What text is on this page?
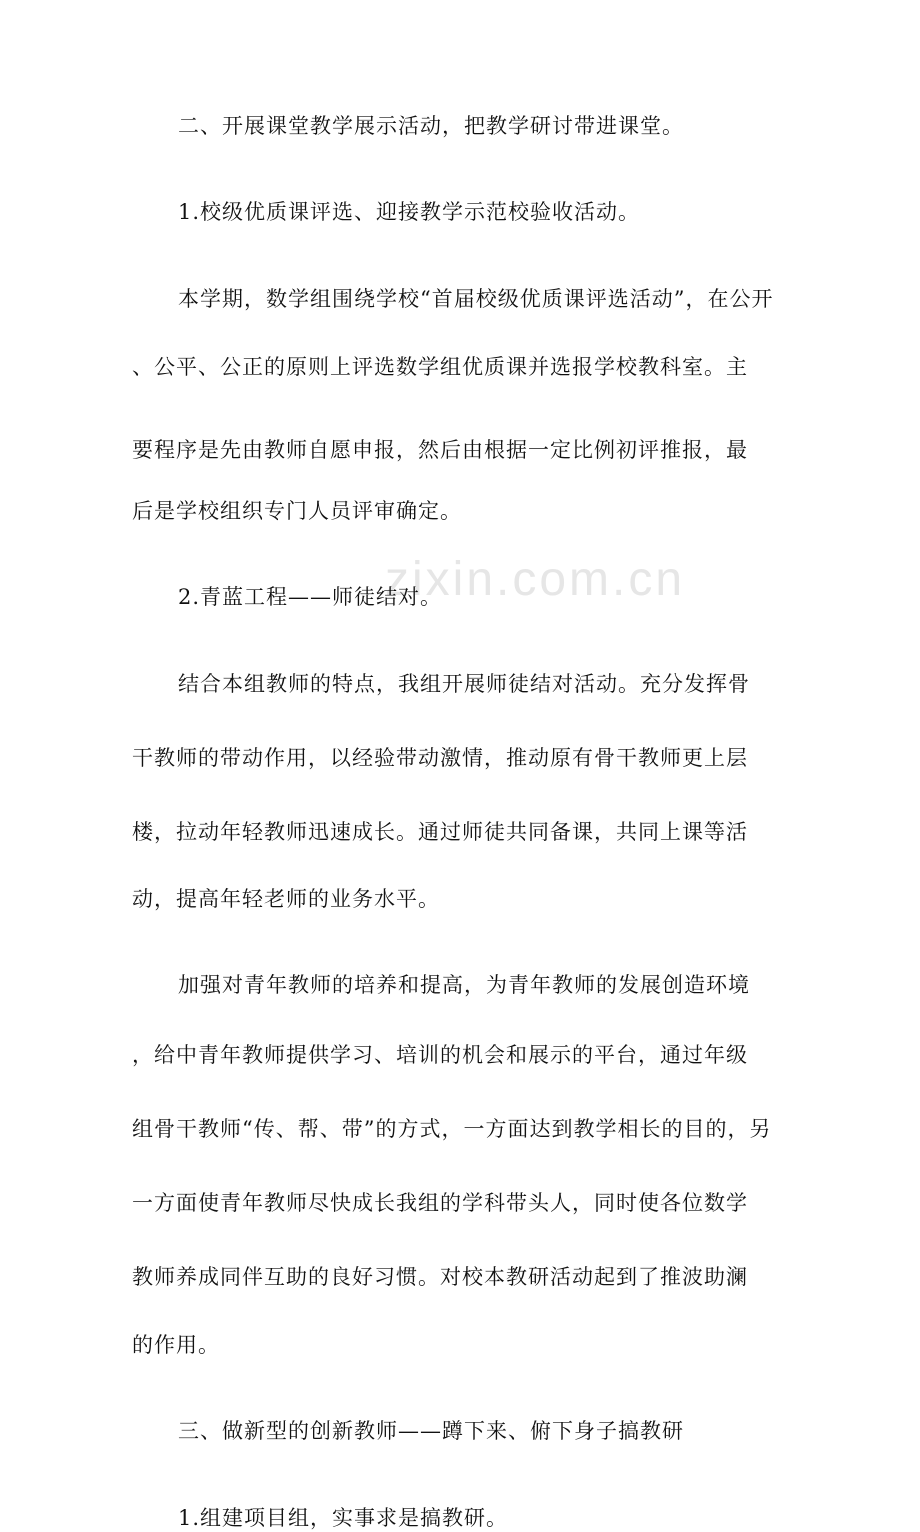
zixin.com.cn
二、开展课堂教学展示活动，把教学研讨带进课堂。
1.校级优质课评选、迎接教学示范校验收活动。
本学期，数学组围绕学校“首届校级优质课评选活动”，在公开
、公平、公正的原则上评选数学组优质课并选报学校教科室。主
要程序是先由教师自愿申报，然后由根据一定比例初评推报，最
后是学校组织专门人员评审确定。
2.青蓝工程——师徒结对。
结合本组教师的特点，我组开展师徒结对活动。充分发挥骨
干教师的带动作用，以经验带动激情，推动原有骨干教师更上层
楼，拉动年轻教师迅速成长。通过师徒共同备课，共同上课等活
动，提高年轻老师的业务水平。
加强对青年教师的培养和提高，为青年教师的发展创造环境
，给中青年教师提供学习、培训的机会和展示的平台，通过年级
组骨干教师“传、帮、带”的方式，一方面达到教学相长的目的，另
一方面使青年教师尽快成长我组的学科带头人，同时使各位数学
教师养成同伴互助的良好习惯。对校本教研活动起到了推波助澜
的作用。
三、做新型的创新教师——蹲下来、俯下身子搞教研
1.组建项目组，实事求是搞教研。
